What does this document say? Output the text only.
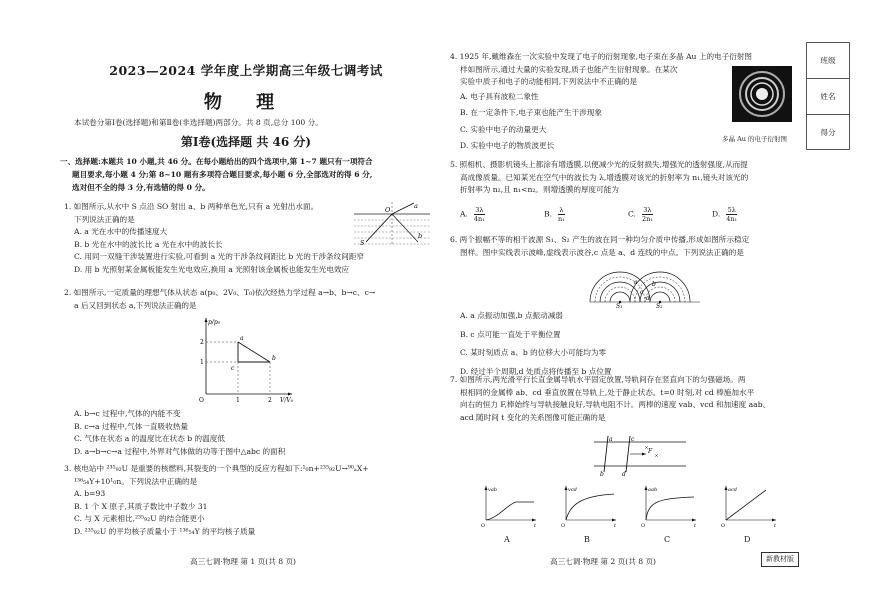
2023—2024 学年度上学期高三年级七调考试
物 理
本试卷分第Ⅰ卷(选择题)和第Ⅱ卷(非选择题)两部分。共 8 页,总分 100 分。
第Ⅰ卷(选择题 共 46 分)
一、选择题:本题共 10 小题,共 46 分。在每小题给出的四个选项中,第 1~7 题只有一项符合
题目要求,每小题 4 分;第 8~10 题有多项符合题目要求,每小题 6 分,全部选对的得 6 分,
选对但不全的得 3 分,有选错的得 0 分。
1. 如图所示,从水中 S 点沿 SO 射出 a、b 两种单色光,只有 a 光射出水面。
下列说法正确的是
A. a 光在水中的传播速度大
B. b 光在水中的波长比 a 光在水中的波长长
C. 用同一双缝干涉装置进行实验,可看到 a 光的干涉条纹间距比 b 光的干涉条纹间距窄
D. 用 b 光照射某金属板能发生光电效应,换用 a 光照射该金属板也能发生光电效应
S
O	a
b
2. 如图所示,一定质量的理想气体从状态 a(p₀、2V₀、T₀)依次经热力学过程 a→b、b→c、c→
a 后又回到状态 a,下列说法正确的是
p/p₀
V/V₀
O
1
2
1	2
a
b
c
A. b→c 过程中,气体的内能不变
B. c→a 过程中,气体一直吸收热量
C. 气体在状态 a 的温度比在状态 b 的温度低
D. a→b→c→a 过程中,外界对气体做的功等于图中△abc 的面积
3. 核电站中 ²³⁵₉₂U 是重要的核燃料,其裂变的一个典型的反应方程如下:¹₀n+²³⁵₉₂U→⁹⁰ₐX+
¹³⁶₅₄Y+10¹₀n。下列说法中正确的是
A. b=93
B. 1 个 X 原子,其质子数比中子数少 31
C. 与 X 元素相比,²³⁵₉₂U 的结合能更小
D. ²³⁵₉₂U 的平均核子质量小于 ¹³⁶₅₄Y 的平均核子质量
高三七调·物理 第 1 页(共 8 页)
4. 1925 年,戴维森在一次实验中发现了电子的衍射现象,电子束在多晶 Au 上的电子衍射图
样如图所示,通过大量的实验发现,质子也能产生衍射现象。在某次
实验中质子和电子的动能相同,下列说法中不正确的是
A. 电子具有波粒二象性
B. 在一定条件下,电子束也能产生干涉现象
C. 实验中电子的动量更大
D. 实验中电子的物质波更长
多晶 Au 的电子衍射图
5. 照相机、摄影机镜头上都涂有增透膜,以便减少光的反射损失,增强光的透射强度,从而提
高成像质量。已知某光在空气中的波长为 λ,增透膜对该光的折射率为 n₁,镜头对该光的
折射率为 n₂,且 n₁<n₂。则增透膜的厚度可能为
A. $\frac{3\lambda}{\text{4n₁}}$	B. $\frac{\lambda}{\text{n₁}}$	C. $\frac{3\lambda}{\text{2n₁}}$	D. $\frac{5\lambda}{\text{4n₁}}$
6. 两个振幅不等的相干波源 S₁、S₂ 产生的波在同一种均匀介质中传播,形成如图所示稳定
图样。图中实线表示波峰,虚线表示波谷,c 点是 a、d 连线的中点。下列说法正确的是
S₁	S₂
a
c
d
b
A. a 点振动加强,b 点振动减弱
B. c 点可能一直处于平衡位置
C. 某时刻质点 a、b 的位移大小可能均为零
D. 经过半个周期,d 处质点将传播至 b 点位置
7. 如图所示,两光滑平行长直金属导轨水平固定放置,导轨间存在竖直向下的匀强磁场。两
根相同的金属棒 ab、cd 垂直放置在导轨上,处于静止状态。t=0 时刻,对 cd 棒施加水平
向右的恒力 F,棒始终与导轨接触良好,导轨电阻不计。两棒的速度 vab、vcd 和加速度 aab、
acd 随时间 t 变化的关系图像可能正确的是
a
b
c
d
F
vab
t
O
vcd
t
O
aab
t
O
acd
t
O
A	B	C	D
高三七调·物理 第 2 页(共 8 页)	新教材版
班级
姓名
得分
